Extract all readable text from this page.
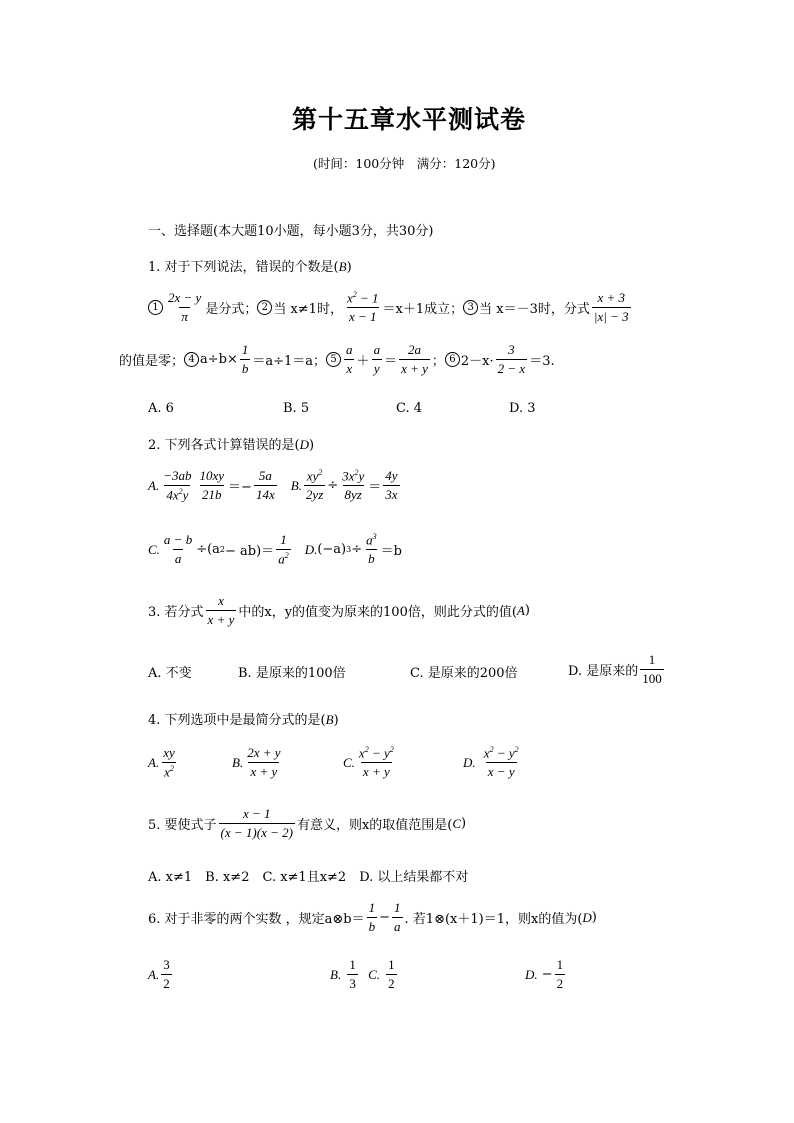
第十五章水平测试卷
(时间：100分钟　满分：120分)
一、选择题(本大题10小题，每小题3分，共30分)
1. 对于下列说法，错误的个数是(B)
$1 \frac{2x - y}{\pi}$ 是分式； 2 当 x≠1时， $\frac{x^2 - 1}{x - 1} =x+1$成立； 3 当 x＝－3时，分式 $\frac{x + 3}{|x| - 3}$
的值是零； 4 $a\div b\times \frac{1}{b} =a\div 1=a$； $5 \frac{a}{x} + \frac{a}{y} = \frac{2a}{x + y}$ ； 6 $2-x\cdot \frac{3}{2 - x} =3$.
A. 6	B. 5	C. 4	D. 3
2. 下列各式计算错误的是(D)
A. $\frac{-3ab}{4x^2y} \frac{10xy}{21b} =- \frac{5a}{14x} B$. $\frac{xy^2}{2yz} \div \frac{3x^2y}{8yz} = \frac{4y}{3x}$
C. $\frac{a - b}{a} \div(a$ $2 - ab)= \frac{1}{a^2} D$. (−a) $3 \div \frac{a^3}{b} =b$
3. 若分式 $\frac{x}{x + y}$ 中的x，y的值变为原来的100倍，则此分式的值( A )
A. 不变	B. 是原来的100倍	C. 是原来的200倍	D. 是原来的 $\frac{1}{100}$
4. 下列选项中是最简分式的是(B)
A. $\frac{xy}{x^2}$	B. $\frac{2x + y}{x + y}$	C. $\frac{x^2 - y^2}{x + y}$	D.
$\frac{x^2 - y^2}{x - y}$
5. 要使式子 $\frac{x - 1}{(x - 1)(x - 2)}$ 有意义，则x的取值范围是( C )
A. x≠1　B. x≠2　C. x≠1且x≠2　D. 以上结果都不对
6. 对于非零的两个实数 ，规定a⊗b＝ $\frac{1}{b} - \frac{1}{a}$ . 若1⊗(x＋1)＝1，则x的值为( D )
A. $\frac{3}{2}$	B.
$\frac{1}{3}$
C.
$\frac{1}{2}$	D. − $\frac{1}{2}$
